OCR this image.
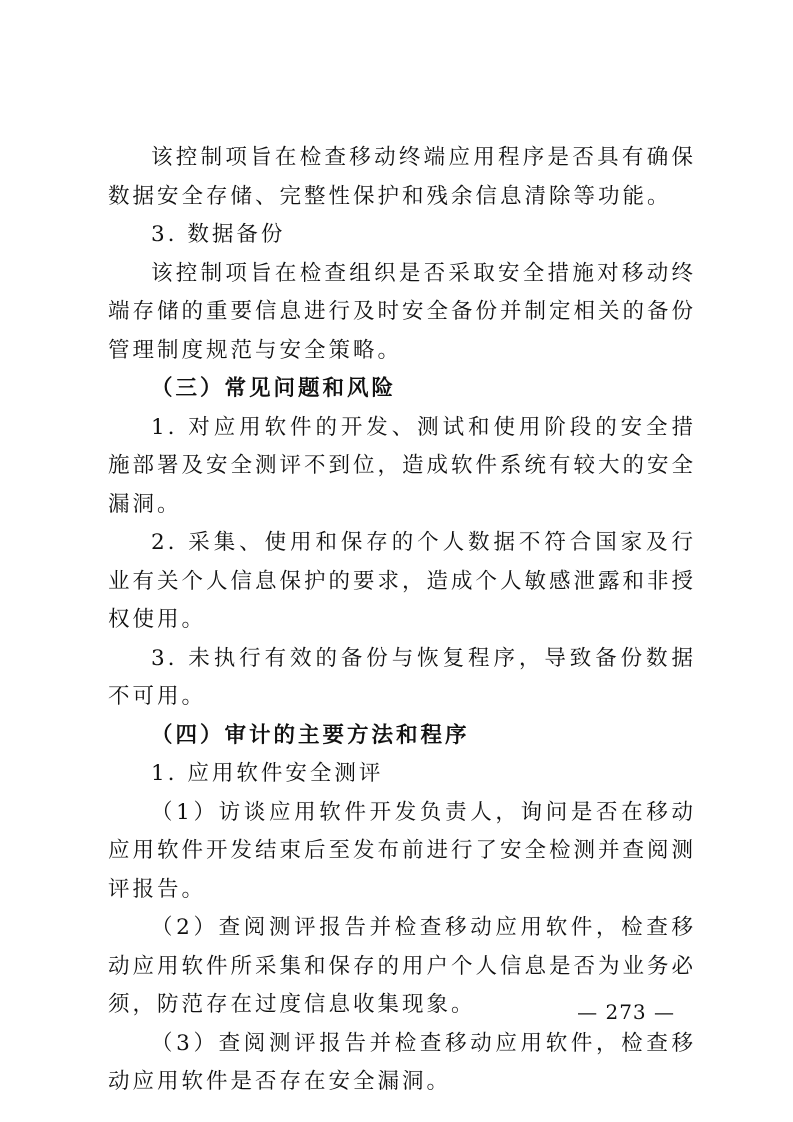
该控制项旨在检查移动终端应用程序是否具有确保数据安全存储、完整性保护和残余信息清除等功能。

3. 数据备份

该控制项旨在检查组织是否采取安全措施对移动终端存储的重要信息进行及时安全备份并制定相关的备份管理制度规范与安全策略。

（三）常见问题和风险

1. 对应用软件的开发、测试和使用阶段的安全措施部署及安全测评不到位，造成软件系统有较大的安全漏洞。

2. 采集、使用和保存的个人数据不符合国家及行业有关个人信息保护的要求，造成个人敏感泄露和非授权使用。

3. 未执行有效的备份与恢复程序，导致备份数据不可用。

（四）审计的主要方法和程序

1. 应用软件安全测评

（1）访谈应用软件开发负责人，询问是否在移动应用软件开发结束后至发布前进行了安全检测并查阅测评报告。

（2）查阅测评报告并检查移动应用软件，检查移动应用软件所采集和保存的用户个人信息是否为业务必须，防范存在过度信息收集现象。

（3）查阅测评报告并检查移动应用软件，检查移动应用软件是否存在安全漏洞。

— 273 —
